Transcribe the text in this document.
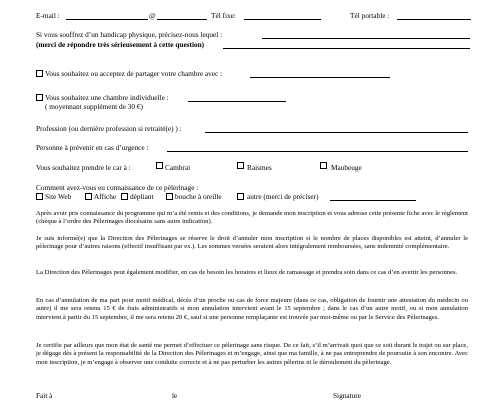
E-mail :	@	Tél fixe:	Tél portable :
Si vous souffrez d’un handicap physique, précisez-nous lequel :
(merci de répondre très sérieusement à cette question)
Vous souhaitez ou acceptez de partager votre chambre avec :
Vous souhaitez une chambre individuelle :
( moyennant supplément de 30 €)
Profession (ou dernière profession si retraité(e) ) :
Personne à prévenir en cas d’urgence :
Vous souhaitez prendre le car à :	Cambrai	Raismes	Maubeuge
Comment avez-vous eu connaissance de ce pèlerinage :
Site Web	Affiche dépliant	bouche à oreille	autre (merci de préciser)
Après avoir pris connaissance du programme qui m’a été remis et des conditions, je demande mon inscription et vous adresse cette présente fiche avec le règlement (chèque à l’ordre des Pèlerinages diocésains sans autre indication).
Je suis informé(e) que la Direction des Pèlerinages se réserve le droit d’annuler mon inscription si le nombre de places disponibles est atteint, d’annuler le pèlerinage pour d’autres raisons (effectif insuffisant par ex.). Les sommes versées seraient alors intégralement remboursées, sans indemnité complémentaire.
La Direction des Pèlerinages peut également modifier, en cas de besoin les horaires et lieux de ramassage et prendra soin dans ce cas d’en avertir les personnes.
En cas d’annulation de ma part pour motif médical, décès d’un proche ou cas de force majeure (dans ce cas, obligation de fournir une attestation du médecin ou autre) il me sera retenu 15 € de frais administratifs si mon annulation intervient avant le 15 septembre ; dans le cas d’un autre motif, ou si mon annulation intervient à partir du 15 septembre, il me sera retenu 20 €, sauf si une personne remplaçante est trouvée par moi-même ou par le Service des Pèlerinages.
Je certifie par ailleurs que mon état de santé me permet d’effectuer ce pèlerinage sans risque. De ce fait, s’il m’arrivait quoi que ce soit durant le trajet ou sur place, je dégage dès à présent la responsabilité de la Direction des Pèlerinages et m’engage, ainsi que ma famille, à ne pas entreprendre de poursuite à son encontre. Avec mon inscription, je m’engage à observer une conduite correcte et à ne pas perturber les autres pèlerins ni le déroulement du pèlerinage.
Fait à	le	Signature
